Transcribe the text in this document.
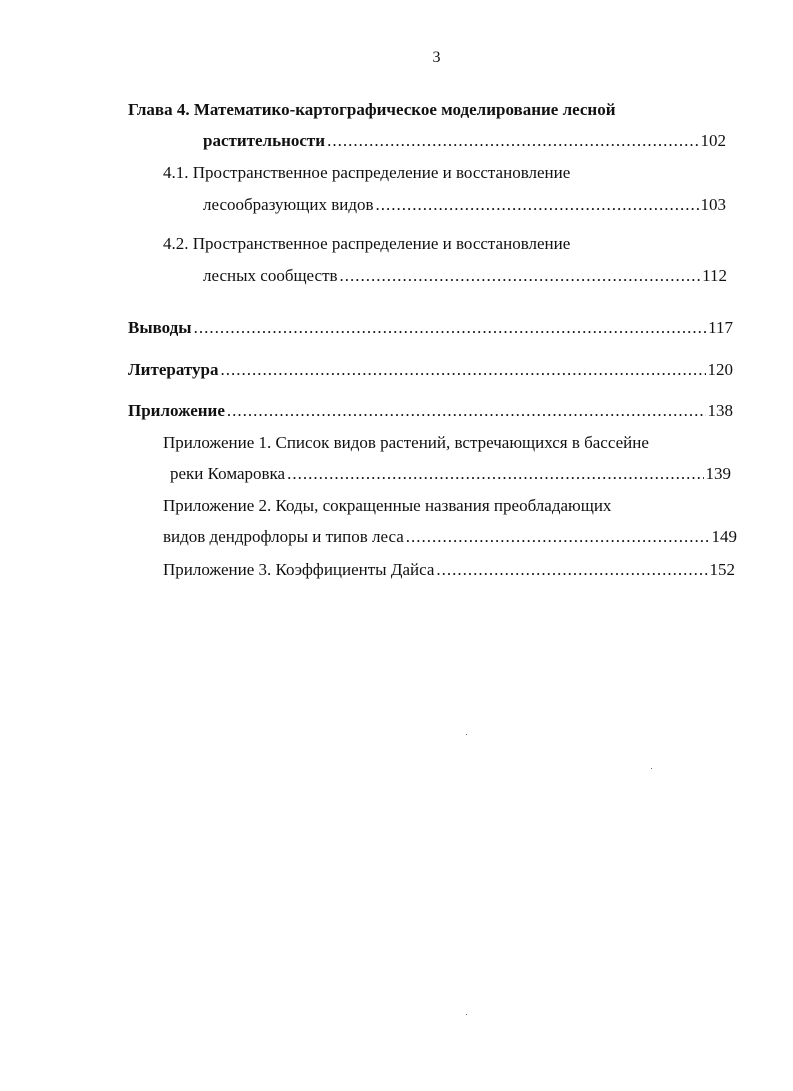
3
Глава 4. Математико-картографическое моделирование лесной
растительности .....	102
4.1. Пространственное распределение и восстановление
лесообразующих видов .....	103
4.2. Пространственное распределение и восстановление
лесных сообществ .....	112
Выводы .....	117
Литература .....	120
Приложение .....	138
Приложение 1. Список видов растений, встречающихся в бассейне
реки Комаровка .....	139
Приложение 2. Коды, сокращенные названия преобладающих
видов дендрофлоры и типов леса .....	149
Приложение 3. Коэффициенты Дайса .....	152
